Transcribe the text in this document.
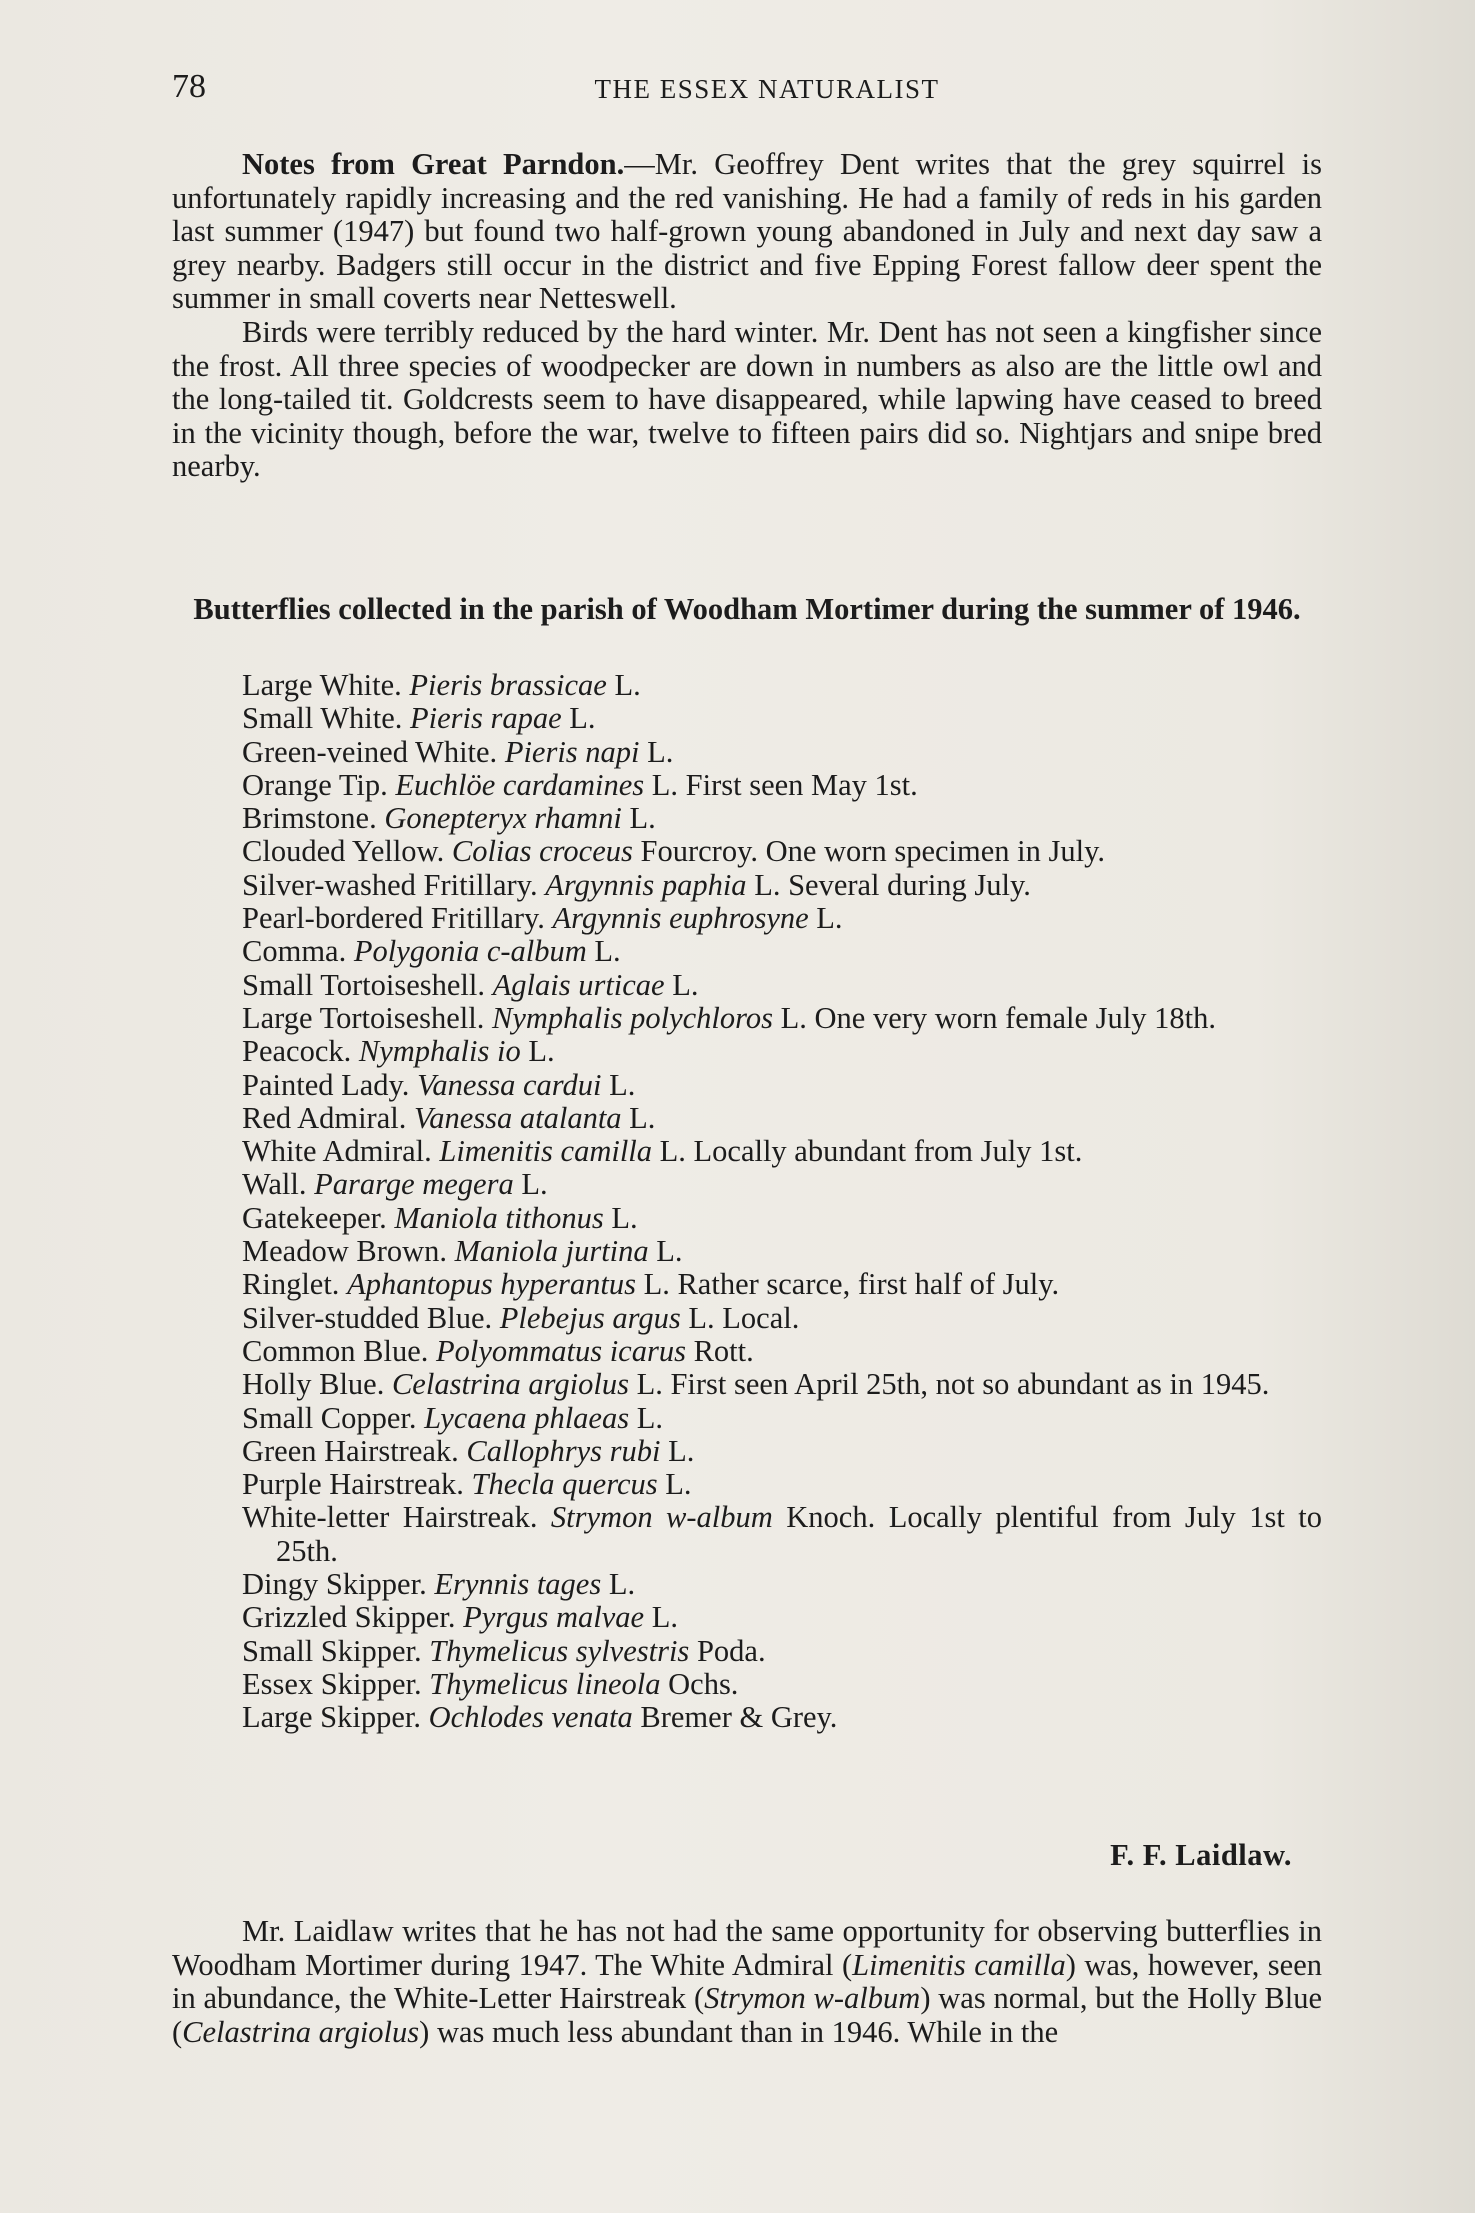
78	THE ESSEX NATURALIST

Notes from Great Parndon.—Mr. Geoffrey Dent writes that the grey squirrel is unfortunately rapidly increasing and the red vanishing. He had a family of reds in his garden last summer (1947) but found two half-grown young abandoned in July and next day saw a grey nearby. Badgers still occur in the district and five Epping Forest fallow deer spent the summer in small coverts near Netteswell.

Birds were terribly reduced by the hard winter. Mr. Dent has not seen a kingfisher since the frost. All three species of woodpecker are down in numbers as also are the little owl and the long-tailed tit. Goldcrests seem to have disappeared, while lapwing have ceased to breed in the vicinity though, before the war, twelve to fifteen pairs did so. Nightjars and snipe bred nearby.

Butterflies collected in the parish of Woodham Mortimer during the summer of 1946.
Large White. Pieris brassicae L.
Small White. Pieris rapae L.
Green-veined White. Pieris napi L.
Orange Tip. Euchlöe cardamines L. First seen May 1st.
Brimstone. Gonepteryx rhamni L.
Clouded Yellow. Colias croceus Fourcroy. One worn specimen in July.
Silver-washed Fritillary. Argynnis paphia L. Several during July.
Pearl-bordered Fritillary. Argynnis euphrosyne L.
Comma. Polygonia c-album L.
Small Tortoiseshell. Aglais urticae L.
Large Tortoiseshell. Nymphalis polychloros L. One very worn female July 18th.
Peacock. Nymphalis io L.
Painted Lady. Vanessa cardui L.
Red Admiral. Vanessa atalanta L.
White Admiral. Limenitis camilla L. Locally abundant from July 1st.
Wall. Pararge megera L.
Gatekeeper. Maniola tithonus L.
Meadow Brown. Maniola jurtina L.
Ringlet. Aphantopus hyperantus L. Rather scarce, first half of July.
Silver-studded Blue. Plebejus argus L. Local.
Common Blue. Polyommatus icarus Rott.
Holly Blue. Celastrina argiolus L. First seen April 25th, not so abundant as in 1945.
Small Copper. Lycaena phlaeas L.
Green Hairstreak. Callophrys rubi L.
Purple Hairstreak. Thecla quercus L.
White-letter Hairstreak. Strymon w-album Knoch. Locally plentiful from July 1st to 25th.
Dingy Skipper. Erynnis tages L.
Grizzled Skipper. Pyrgus malvae L.
Small Skipper. Thymelicus sylvestris Poda.
Essex Skipper. Thymelicus lineola Ochs.
Large Skipper. Ochlodes venata Bremer & Grey.
F. F. Laidlaw.

Mr. Laidlaw writes that he has not had the same opportunity for observing butterflies in Woodham Mortimer during 1947. The White Admiral (Limenitis camilla) was, however, seen in abundance, the White-Letter Hairstreak (Strymon w-album) was normal, but the Holly Blue (Celastrina argiolus) was much less abundant than in 1946. While in the
